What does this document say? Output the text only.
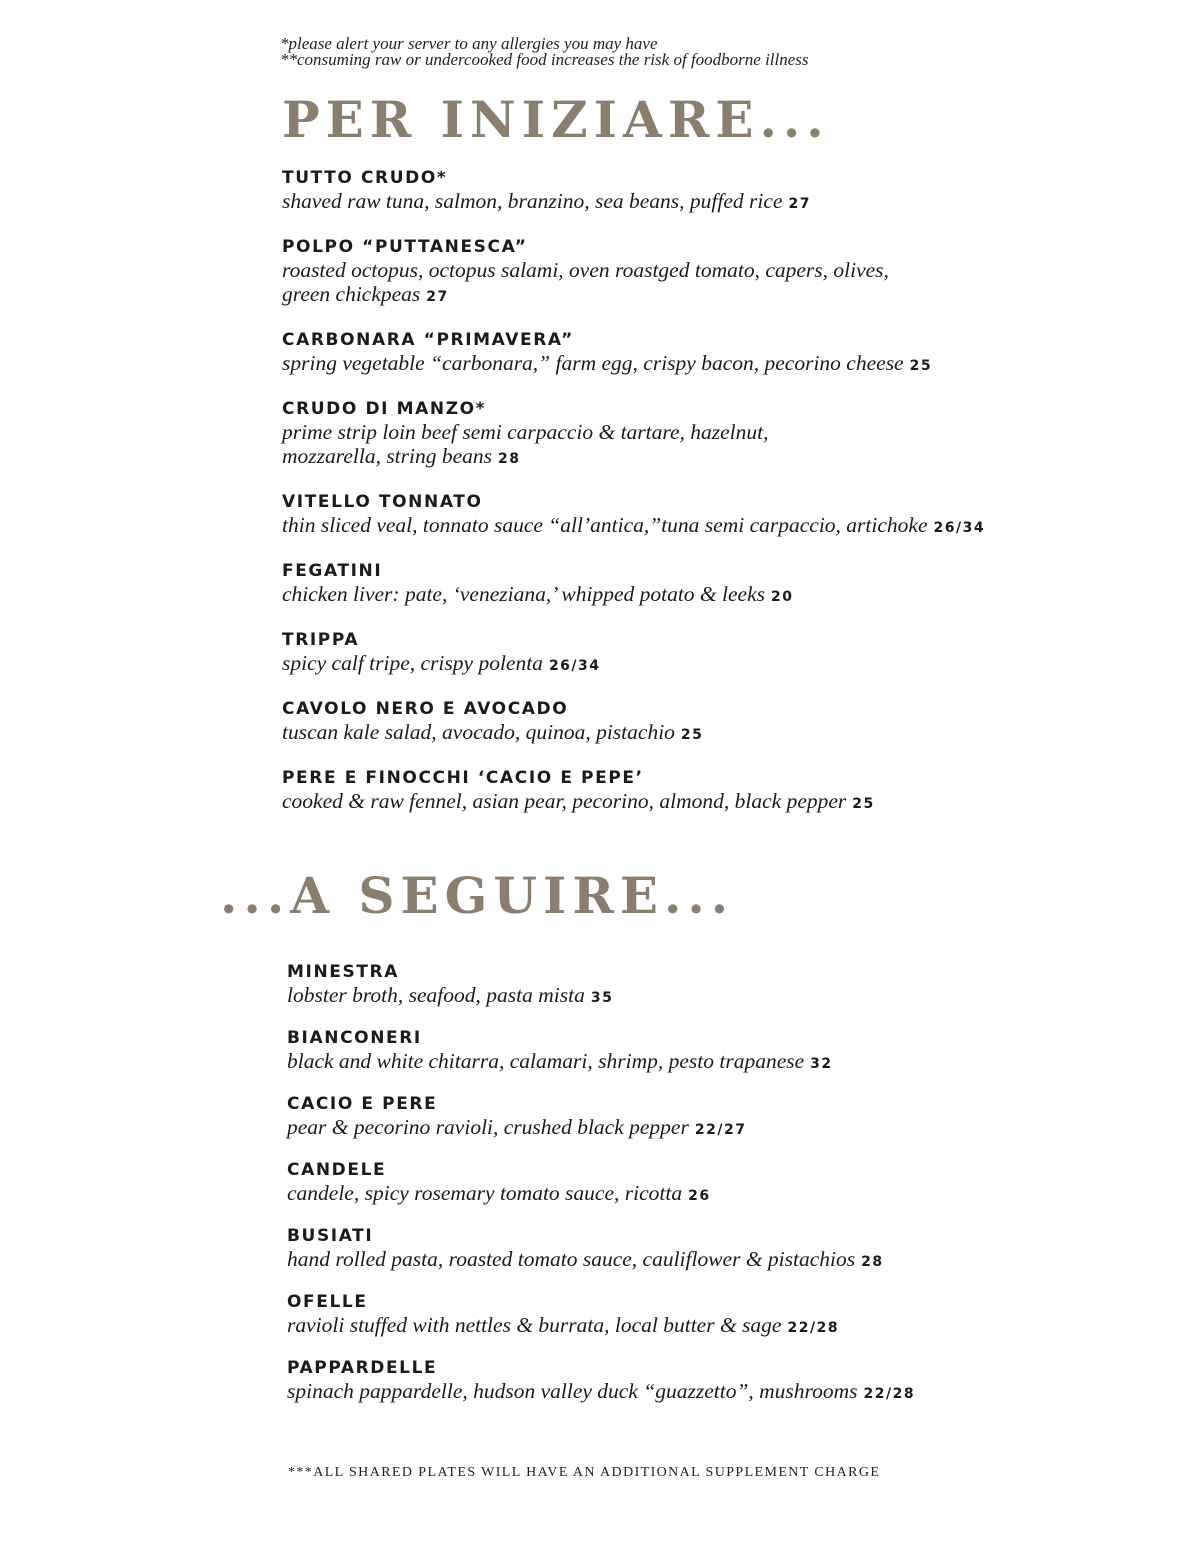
*please alert your server to any allergies you may have
**consuming raw or undercooked food increases the risk of foodborne illness
PER INIZIARE...
TUTTO CRUDO*
shaved raw tuna, salmon, branzino, sea beans, puffed rice 27
POLPO “PUTTANESCA”
roasted octopus, octopus salami, oven roastged tomato, capers, olives,
green chickpeas 27
CARBONARA “PRIMAVERA”
spring vegetable “carbonara,” farm egg, crispy bacon, pecorino cheese 25
CRUDO DI MANZO*
prime strip loin beef semi carpaccio & tartare, hazelnut,
mozzarella, string beans 28
VITELLO TONNATO
thin sliced veal, tonnato sauce “all’antica,”tuna semi carpaccio, artichoke 26/34
FEGATINI
chicken liver: pate, ‘veneziana,’ whipped potato & leeks 20
TRIPPA
spicy calf tripe, crispy polenta 26/34
CAVOLO NERO E AVOCADO
tuscan kale salad, avocado, quinoa, pistachio 25
PERE E FINOCCHI ‘CACIO E PEPE’
cooked & raw fennel, asian pear, pecorino, almond, black pepper 25
...A SEGUIRE...
MINESTRA
lobster broth, seafood, pasta mista 35
BIANCONERI
black and white chitarra, calamari, shrimp, pesto trapanese 32
CACIO E PERE
pear & pecorino ravioli, crushed black pepper 22/27
CANDELE
candele, spicy rosemary tomato sauce, ricotta 26
BUSIATI
hand rolled pasta, roasted tomato sauce, cauliflower & pistachios 28
OFELLE
ravioli stuffed with nettles & burrata, local butter & sage 22/28
PAPPARDELLE
spinach pappardelle, hudson valley duck “guazzetto”, mushrooms 22/28
***ALL SHARED PLATES WILL HAVE AN ADDITIONAL SUPPLEMENT CHARGE
